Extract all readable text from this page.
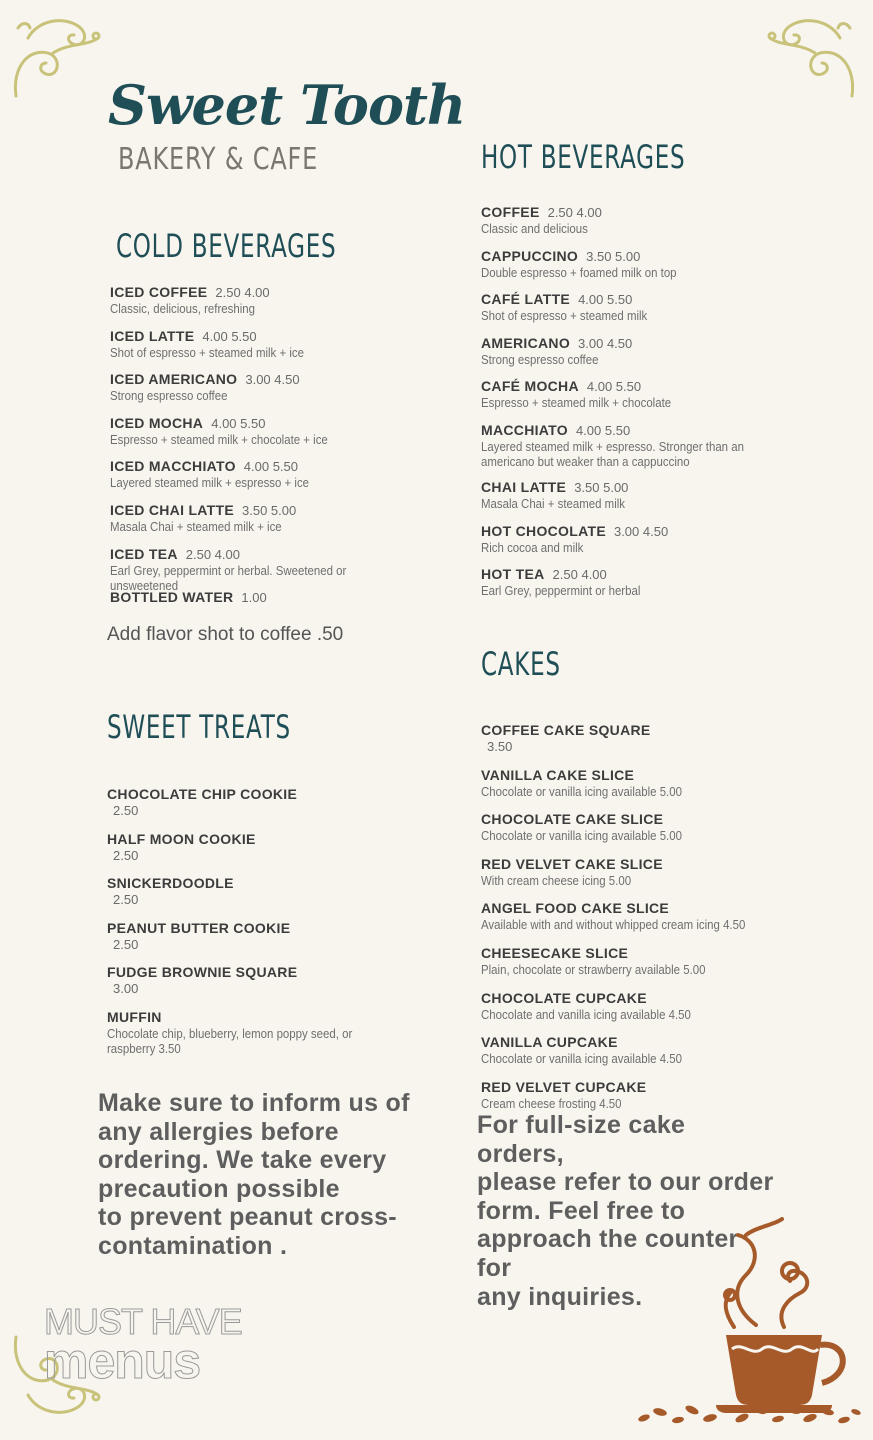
Sweet Tooth
BAKERY & CAFE
COLD BEVERAGES
ICED COFFEE 2.50 4.00
Classic, delicious, refreshing
ICED LATTE 4.00 5.50
Shot of espresso + steamed milk + ice
ICED AMERICANO 3.00 4.50
Strong espresso coffee
ICED MOCHA 4.00 5.50
Espresso + steamed milk + chocolate + ice
ICED MACCHIATO 4.00 5.50
Layered steamed milk + espresso + ice
ICED CHAI LATTE 3.50 5.00
Masala Chai + steamed milk + ice
ICED TEA 2.50 4.00
Earl Grey, peppermint or herbal. Sweetened or unsweetened
BOTTLED WATER 1.00
Add flavor shot to coffee .50
HOT BEVERAGES
COFFEE 2.50 4.00
Classic and delicious
CAPPUCCINO 3.50 5.00
Double espresso + foamed milk on top
CAFÉ LATTE 4.00 5.50
Shot of espresso + steamed milk
AMERICANO 3.00 4.50
Strong espresso coffee
CAFÉ MOCHA 4.00 5.50
Espresso + steamed milk + chocolate
MACCHIATO 4.00 5.50
Layered steamed milk + espresso. Stronger than an americano but weaker than a cappuccino
CHAI LATTE 3.50 5.00
Masala Chai + steamed milk
HOT CHOCOLATE 3.00 4.50
Rich cocoa and milk
HOT TEA 2.50 4.00
Earl Grey, peppermint or herbal
SWEET TREATS
CHOCOLATE CHIP COOKIE
2.50
HALF MOON COOKIE
2.50
SNICKERDOODLE
2.50
PEANUT BUTTER COOKIE
2.50
FUDGE BROWNIE SQUARE
3.00
MUFFIN
Chocolate chip, blueberry, lemon poppy seed, or raspberry 3.50
Make sure to inform us of
any allergies before
ordering. We take every
precaution possible
to prevent peanut cross-
contamination .
CAKES
COFFEE CAKE SQUARE
3.50
VANILLA CAKE SLICE
Chocolate or vanilla icing available 5.00
CHOCOLATE CAKE SLICE
Chocolate or vanilla icing available 5.00
RED VELVET CAKE SLICE
With cream cheese icing 5.00
ANGEL FOOD CAKE SLICE
Available with and without whipped cream icing 4.50
CHEESECAKE SLICE
Plain, chocolate or strawberry available 5.00
CHOCOLATE CUPCAKE
Chocolate and vanilla icing available 4.50
VANILLA CUPCAKE
Chocolate or vanilla icing available 4.50
RED VELVET CUPCAKE
Cream cheese frosting 4.50
For full-size cake orders,
please refer to our order
form. Feel free to
approach the counter for
any inquiries.
MUST HAVE
menus
